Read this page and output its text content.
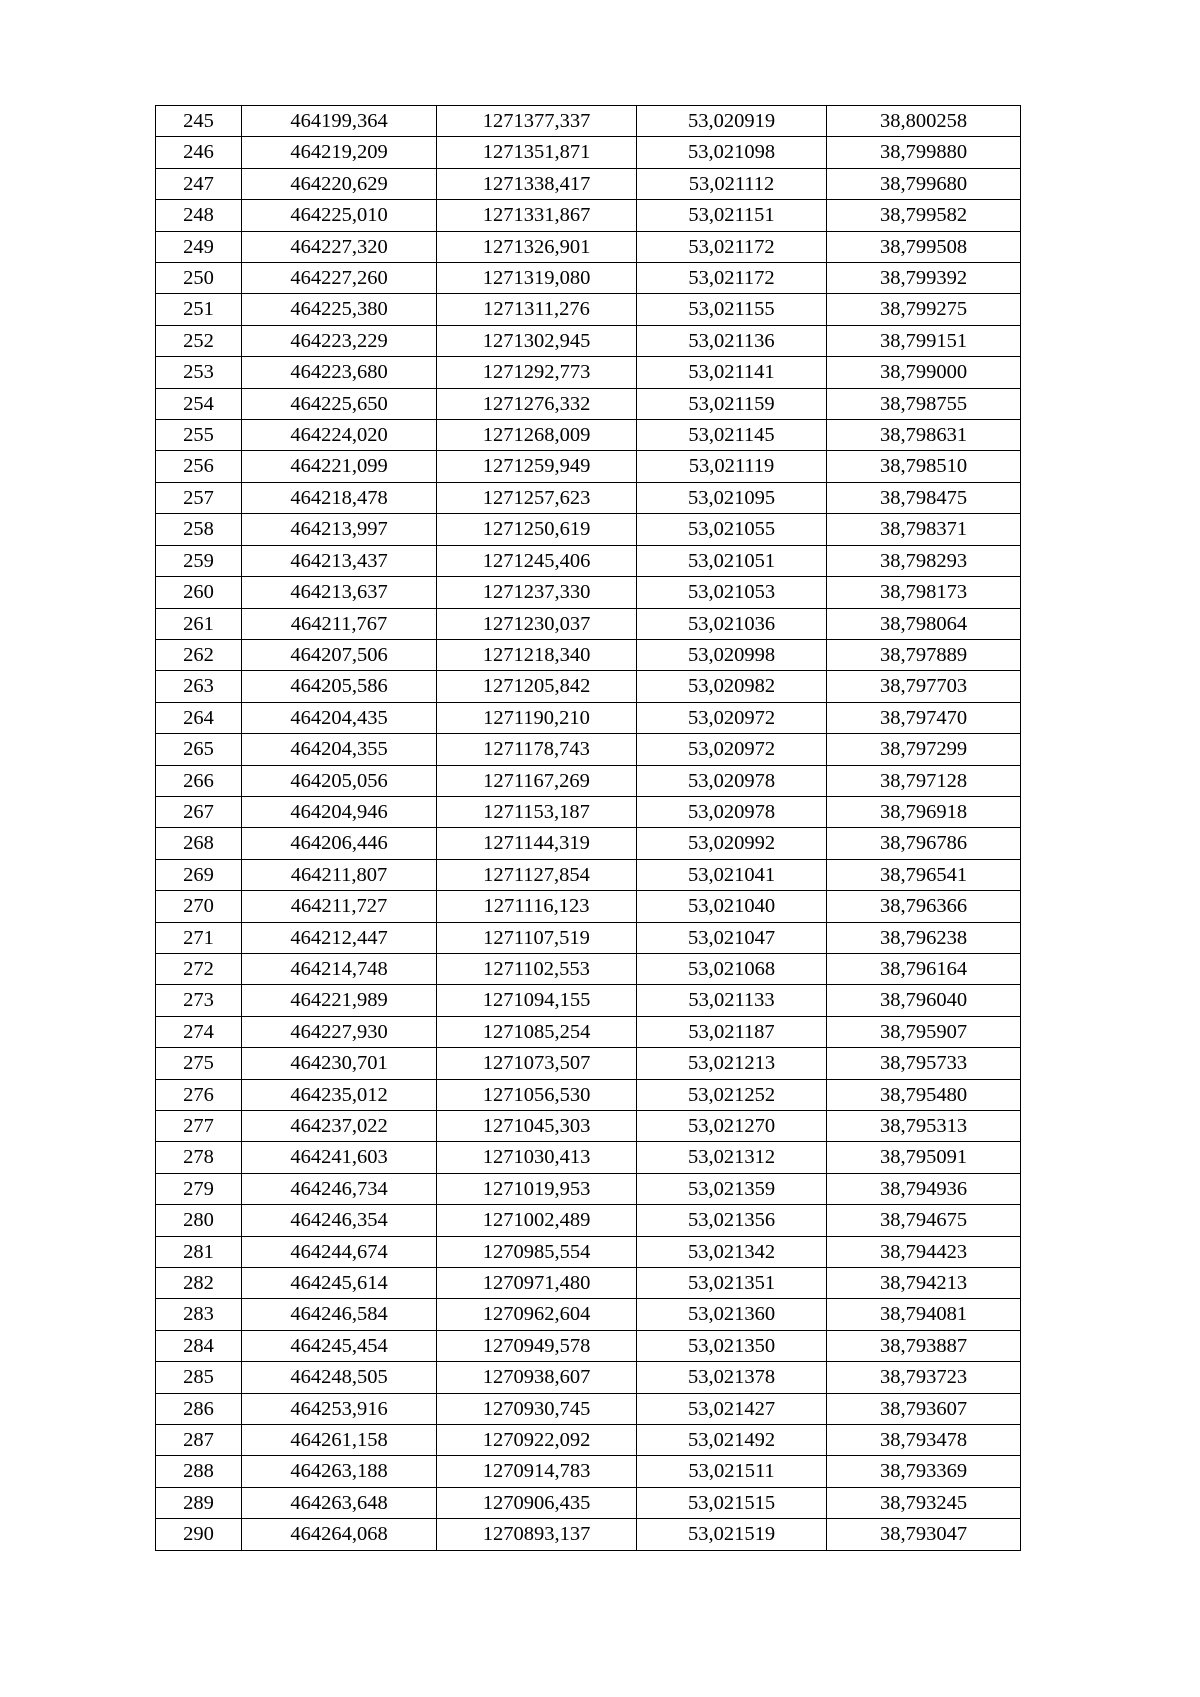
245	464199,364	1271377,337	53,020919	38,800258
246	464219,209	1271351,871	53,021098	38,799880
247	464220,629	1271338,417	53,021112	38,799680
248	464225,010	1271331,867	53,021151	38,799582
249	464227,320	1271326,901	53,021172	38,799508
250	464227,260	1271319,080	53,021172	38,799392
251	464225,380	1271311,276	53,021155	38,799275
252	464223,229	1271302,945	53,021136	38,799151
253	464223,680	1271292,773	53,021141	38,799000
254	464225,650	1271276,332	53,021159	38,798755
255	464224,020	1271268,009	53,021145	38,798631
256	464221,099	1271259,949	53,021119	38,798510
257	464218,478	1271257,623	53,021095	38,798475
258	464213,997	1271250,619	53,021055	38,798371
259	464213,437	1271245,406	53,021051	38,798293
260	464213,637	1271237,330	53,021053	38,798173
261	464211,767	1271230,037	53,021036	38,798064
262	464207,506	1271218,340	53,020998	38,797889
263	464205,586	1271205,842	53,020982	38,797703
264	464204,435	1271190,210	53,020972	38,797470
265	464204,355	1271178,743	53,020972	38,797299
266	464205,056	1271167,269	53,020978	38,797128
267	464204,946	1271153,187	53,020978	38,796918
268	464206,446	1271144,319	53,020992	38,796786
269	464211,807	1271127,854	53,021041	38,796541
270	464211,727	1271116,123	53,021040	38,796366
271	464212,447	1271107,519	53,021047	38,796238
272	464214,748	1271102,553	53,021068	38,796164
273	464221,989	1271094,155	53,021133	38,796040
274	464227,930	1271085,254	53,021187	38,795907
275	464230,701	1271073,507	53,021213	38,795733
276	464235,012	1271056,530	53,021252	38,795480
277	464237,022	1271045,303	53,021270	38,795313
278	464241,603	1271030,413	53,021312	38,795091
279	464246,734	1271019,953	53,021359	38,794936
280	464246,354	1271002,489	53,021356	38,794675
281	464244,674	1270985,554	53,021342	38,794423
282	464245,614	1270971,480	53,021351	38,794213
283	464246,584	1270962,604	53,021360	38,794081
284	464245,454	1270949,578	53,021350	38,793887
285	464248,505	1270938,607	53,021378	38,793723
286	464253,916	1270930,745	53,021427	38,793607
287	464261,158	1270922,092	53,021492	38,793478
288	464263,188	1270914,783	53,021511	38,793369
289	464263,648	1270906,435	53,021515	38,793245
290	464264,068	1270893,137	53,021519	38,793047
